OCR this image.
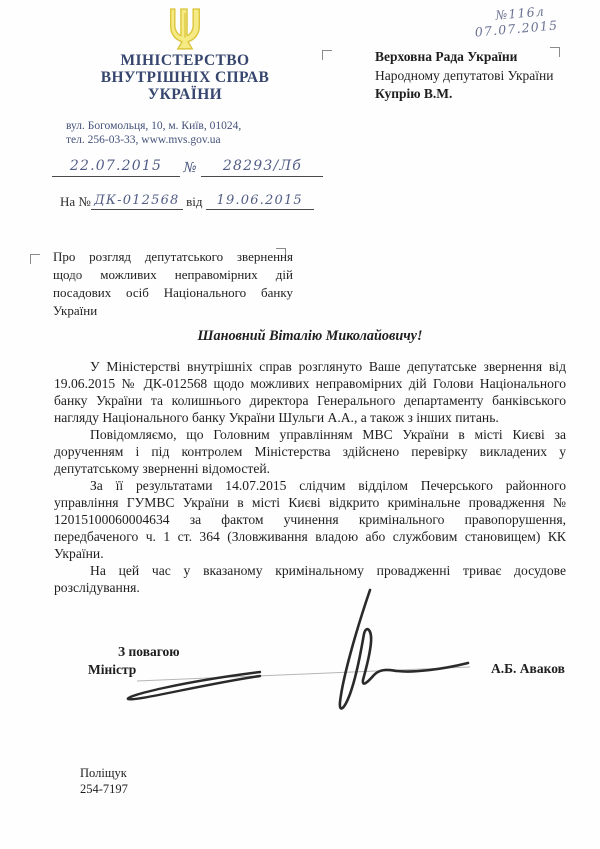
МІНІСТЕРСТВО
ВНУТРІШНІХ СПРАВ
УКРАЇНИ
вул. Богомольця, 10, м. Київ, 01024,
тел. 256-03-33, www.mvs.gov.ua
№116л
07.07.2015
Верховна Рада України
Народному депутатові України
Купрію В.М.
22.07.2015 № 28293/Лб
На № ДК-012568 від 19.06.2015
Про розгляд депутатського звернення щодо можливих неправомірних дій посадових осіб Національного банку України
Шановний Віталію Миколайовичу!

У Міністерстві внутрішніх справ розглянуто Ваше депутатське звернення від 19.06.2015 № ДК-012568 щодо можливих неправомірних дій Голови Національного банку України та колишнього директора Генерального департаменту банківського нагляду Національного банку України Шульги А.А., а також з інших питань.

Повідомляємо, що Головним управлінням МВС України в місті Києві за дорученням і під контролем Міністерства здійснено перевірку викладених у депутатському зверненні відомостей.

За її результатами 14.07.2015 слідчим відділом Печерського районного управління ГУМВС України в місті Києві відкрито кримінальне провадження № 12015100060004634 за фактом учинення кримінального правопорушення, передбаченого ч. 1 ст. 364 (Зловживання владою або службовим становищем) КК України.

На цей час у вказаному кримінальному провадженні триває досудове розслідування.

З повагою
Міністр	А.Б. Аваков
Поліщук
254-7197
